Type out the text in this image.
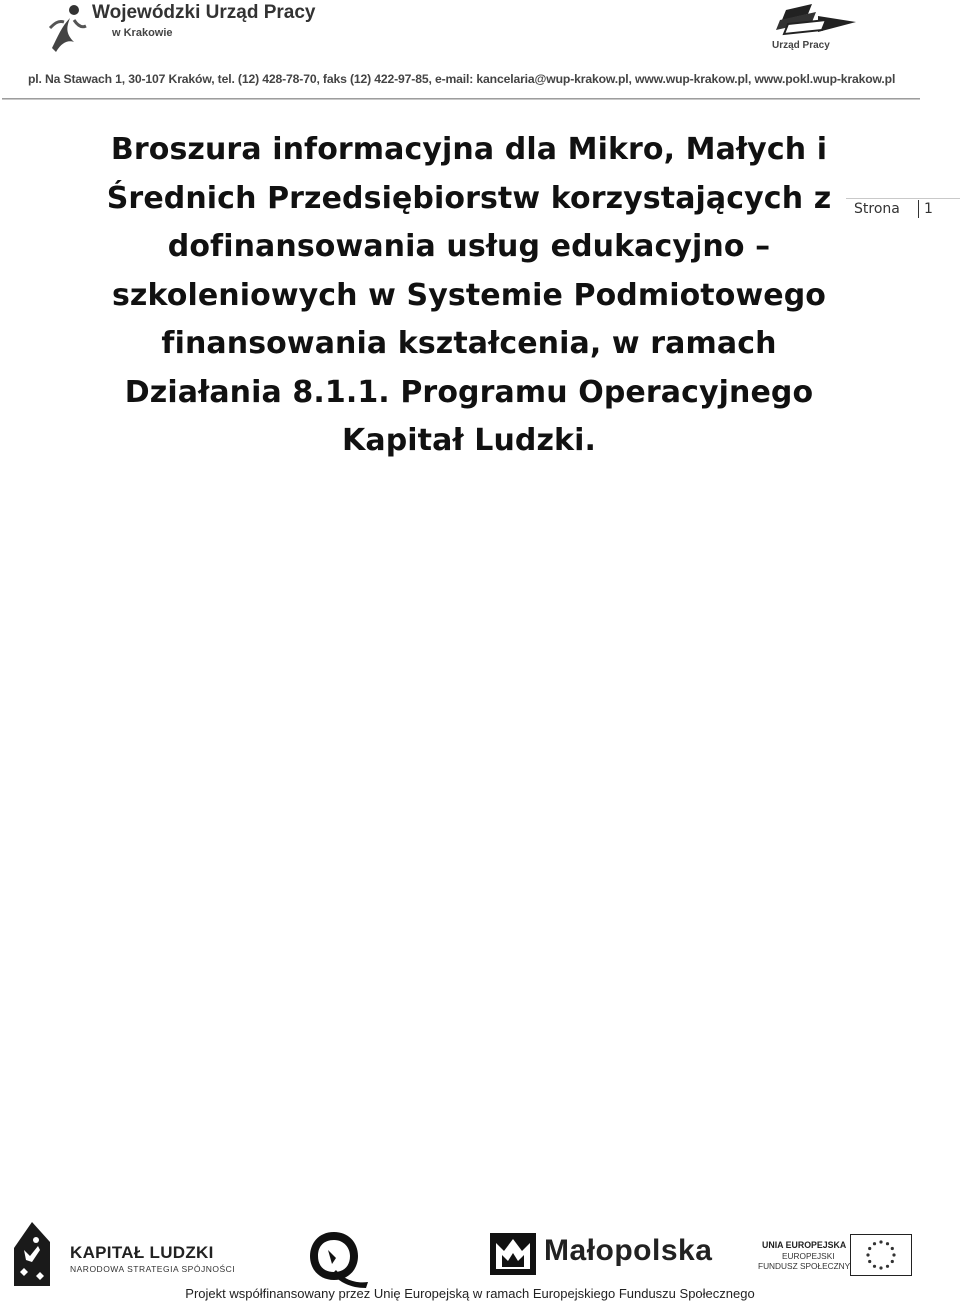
Wojewódzki Urząd Pracy
w Krakowie
Urząd Pracy
pl. Na Stawach 1, 30-107 Kraków, tel. (12) 428-78-70, faks (12) 422-97-85, e-mail: kancelaria@wup-krakow.pl, www.wup-krakow.pl, www.pokl.wup-krakow.pl
Strona 1
Broszura informacyjna dla Mikro, Małych i
Średnich Przedsiębiorstw korzystających z
dofinansowania usług edukacyjno –
szkoleniowych w Systemie Podmiotowego
finansowania kształcenia, w ramach
Działania 8.1.1. Programu Operacyjnego
Kapitał Ludzki.
KAPITAŁ LUDZKI
NARODOWA STRATEGIA SPÓJNOŚCI
Małopolska	UNIA EUROPEJSKA
EUROPEJSKI
FUNDUSZ SPOŁECZNY
Projekt współfinansowany przez Unię Europejską w ramach Europejskiego Funduszu Społecznego
